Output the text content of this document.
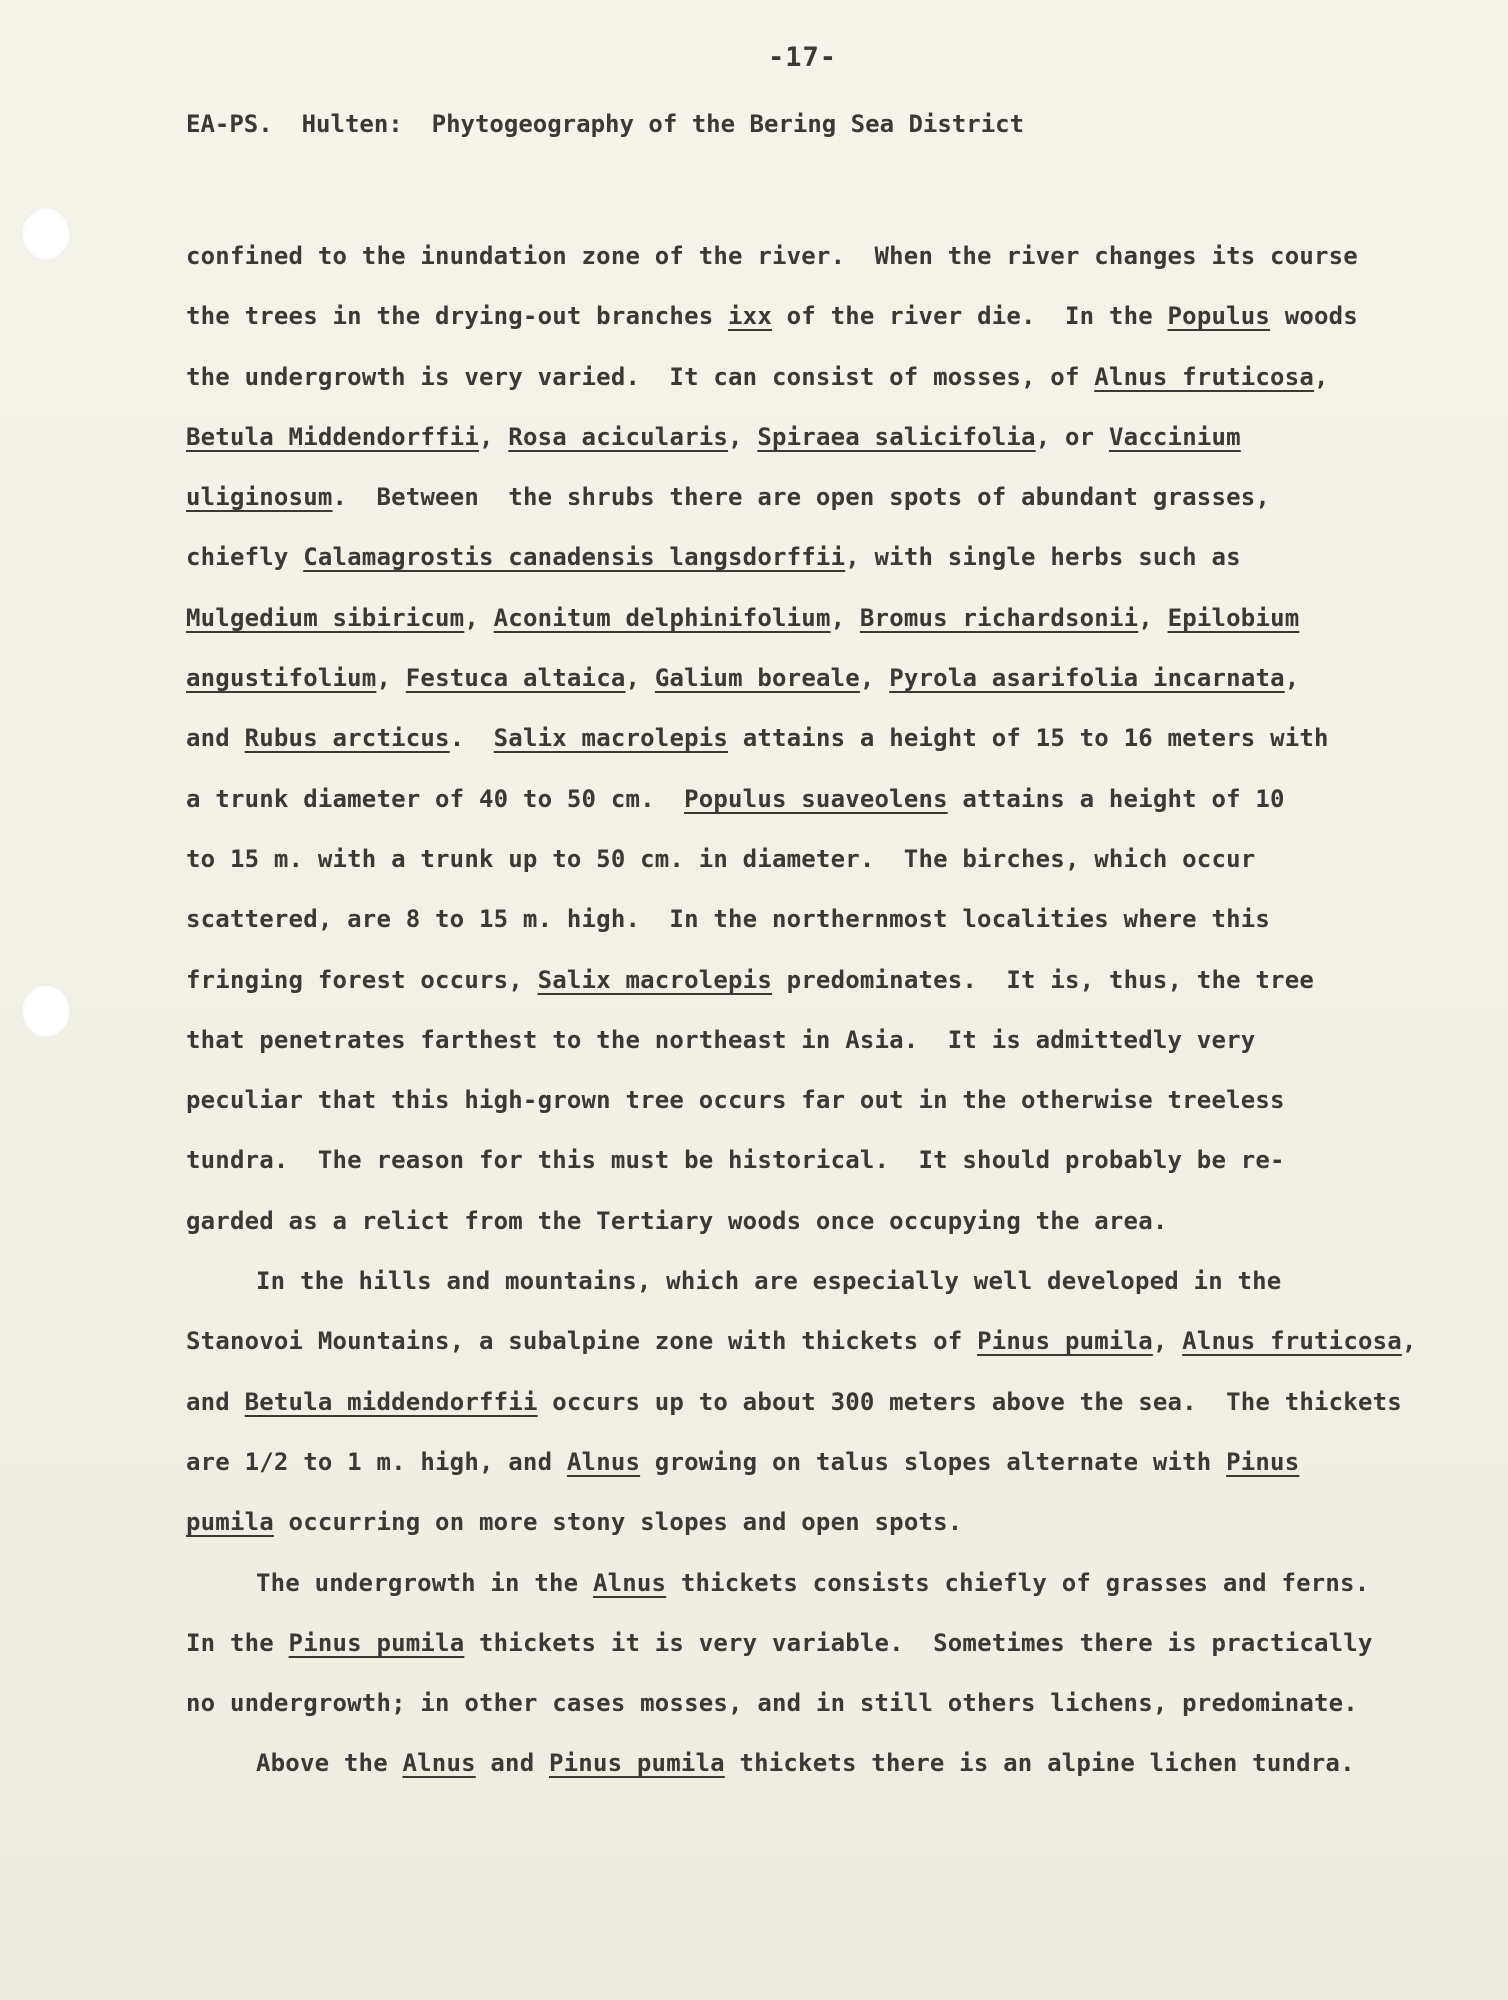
-17-
EA-PS.  Hulten:  Phytogeography of the Bering Sea District
confined to the inundation zone of the river.  When the river changes its course
the trees in the drying-out branches ixx of the river die.  In the Populus woods
the undergrowth is very varied.  It can consist of mosses, of Alnus fruticosa,
Betula Middendorffii, Rosa acicularis, Spiraea salicifolia, or Vaccinium
uliginosum.  Between  the shrubs there are open spots of abundant grasses,
chiefly Calamagrostis canadensis langsdorffii, with single herbs such as
Mulgedium sibiricum, Aconitum delphinifolium, Bromus richardsonii, Epilobium
angustifolium, Festuca altaica, Galium boreale, Pyrola asarifolia incarnata,
and Rubus arcticus.  Salix macrolepis attains a height of 15 to 16 meters with
a trunk diameter of 40 to 50 cm.  Populus suaveolens attains a height of 10
to 15 m. with a trunk up to 50 cm. in diameter.  The birches, which occur
scattered, are 8 to 15 m. high.  In the northernmost localities where this
fringing forest occurs, Salix macrolepis predominates.  It is, thus, the tree
that penetrates farthest to the northeast in Asia.  It is admittedly very
peculiar that this high-grown tree occurs far out in the otherwise treeless
tundra.  The reason for this must be historical.  It should probably be re-
garded as a relict from the Tertiary woods once occupying the area.
In the hills and mountains, which are especially well developed in the
Stanovoi Mountains, a subalpine zone with thickets of Pinus pumila, Alnus fruticosa,
and Betula middendorffii occurs up to about 300 meters above the sea.  The thickets
are 1/2 to 1 m. high, and Alnus growing on talus slopes alternate with Pinus
pumila occurring on more stony slopes and open spots.
The undergrowth in the Alnus thickets consists chiefly of grasses and ferns.
In the Pinus pumila thickets it is very variable.  Sometimes there is practically
no undergrowth; in other cases mosses, and in still others lichens, predominate.
Above the Alnus and Pinus pumila thickets there is an alpine lichen tundra.
